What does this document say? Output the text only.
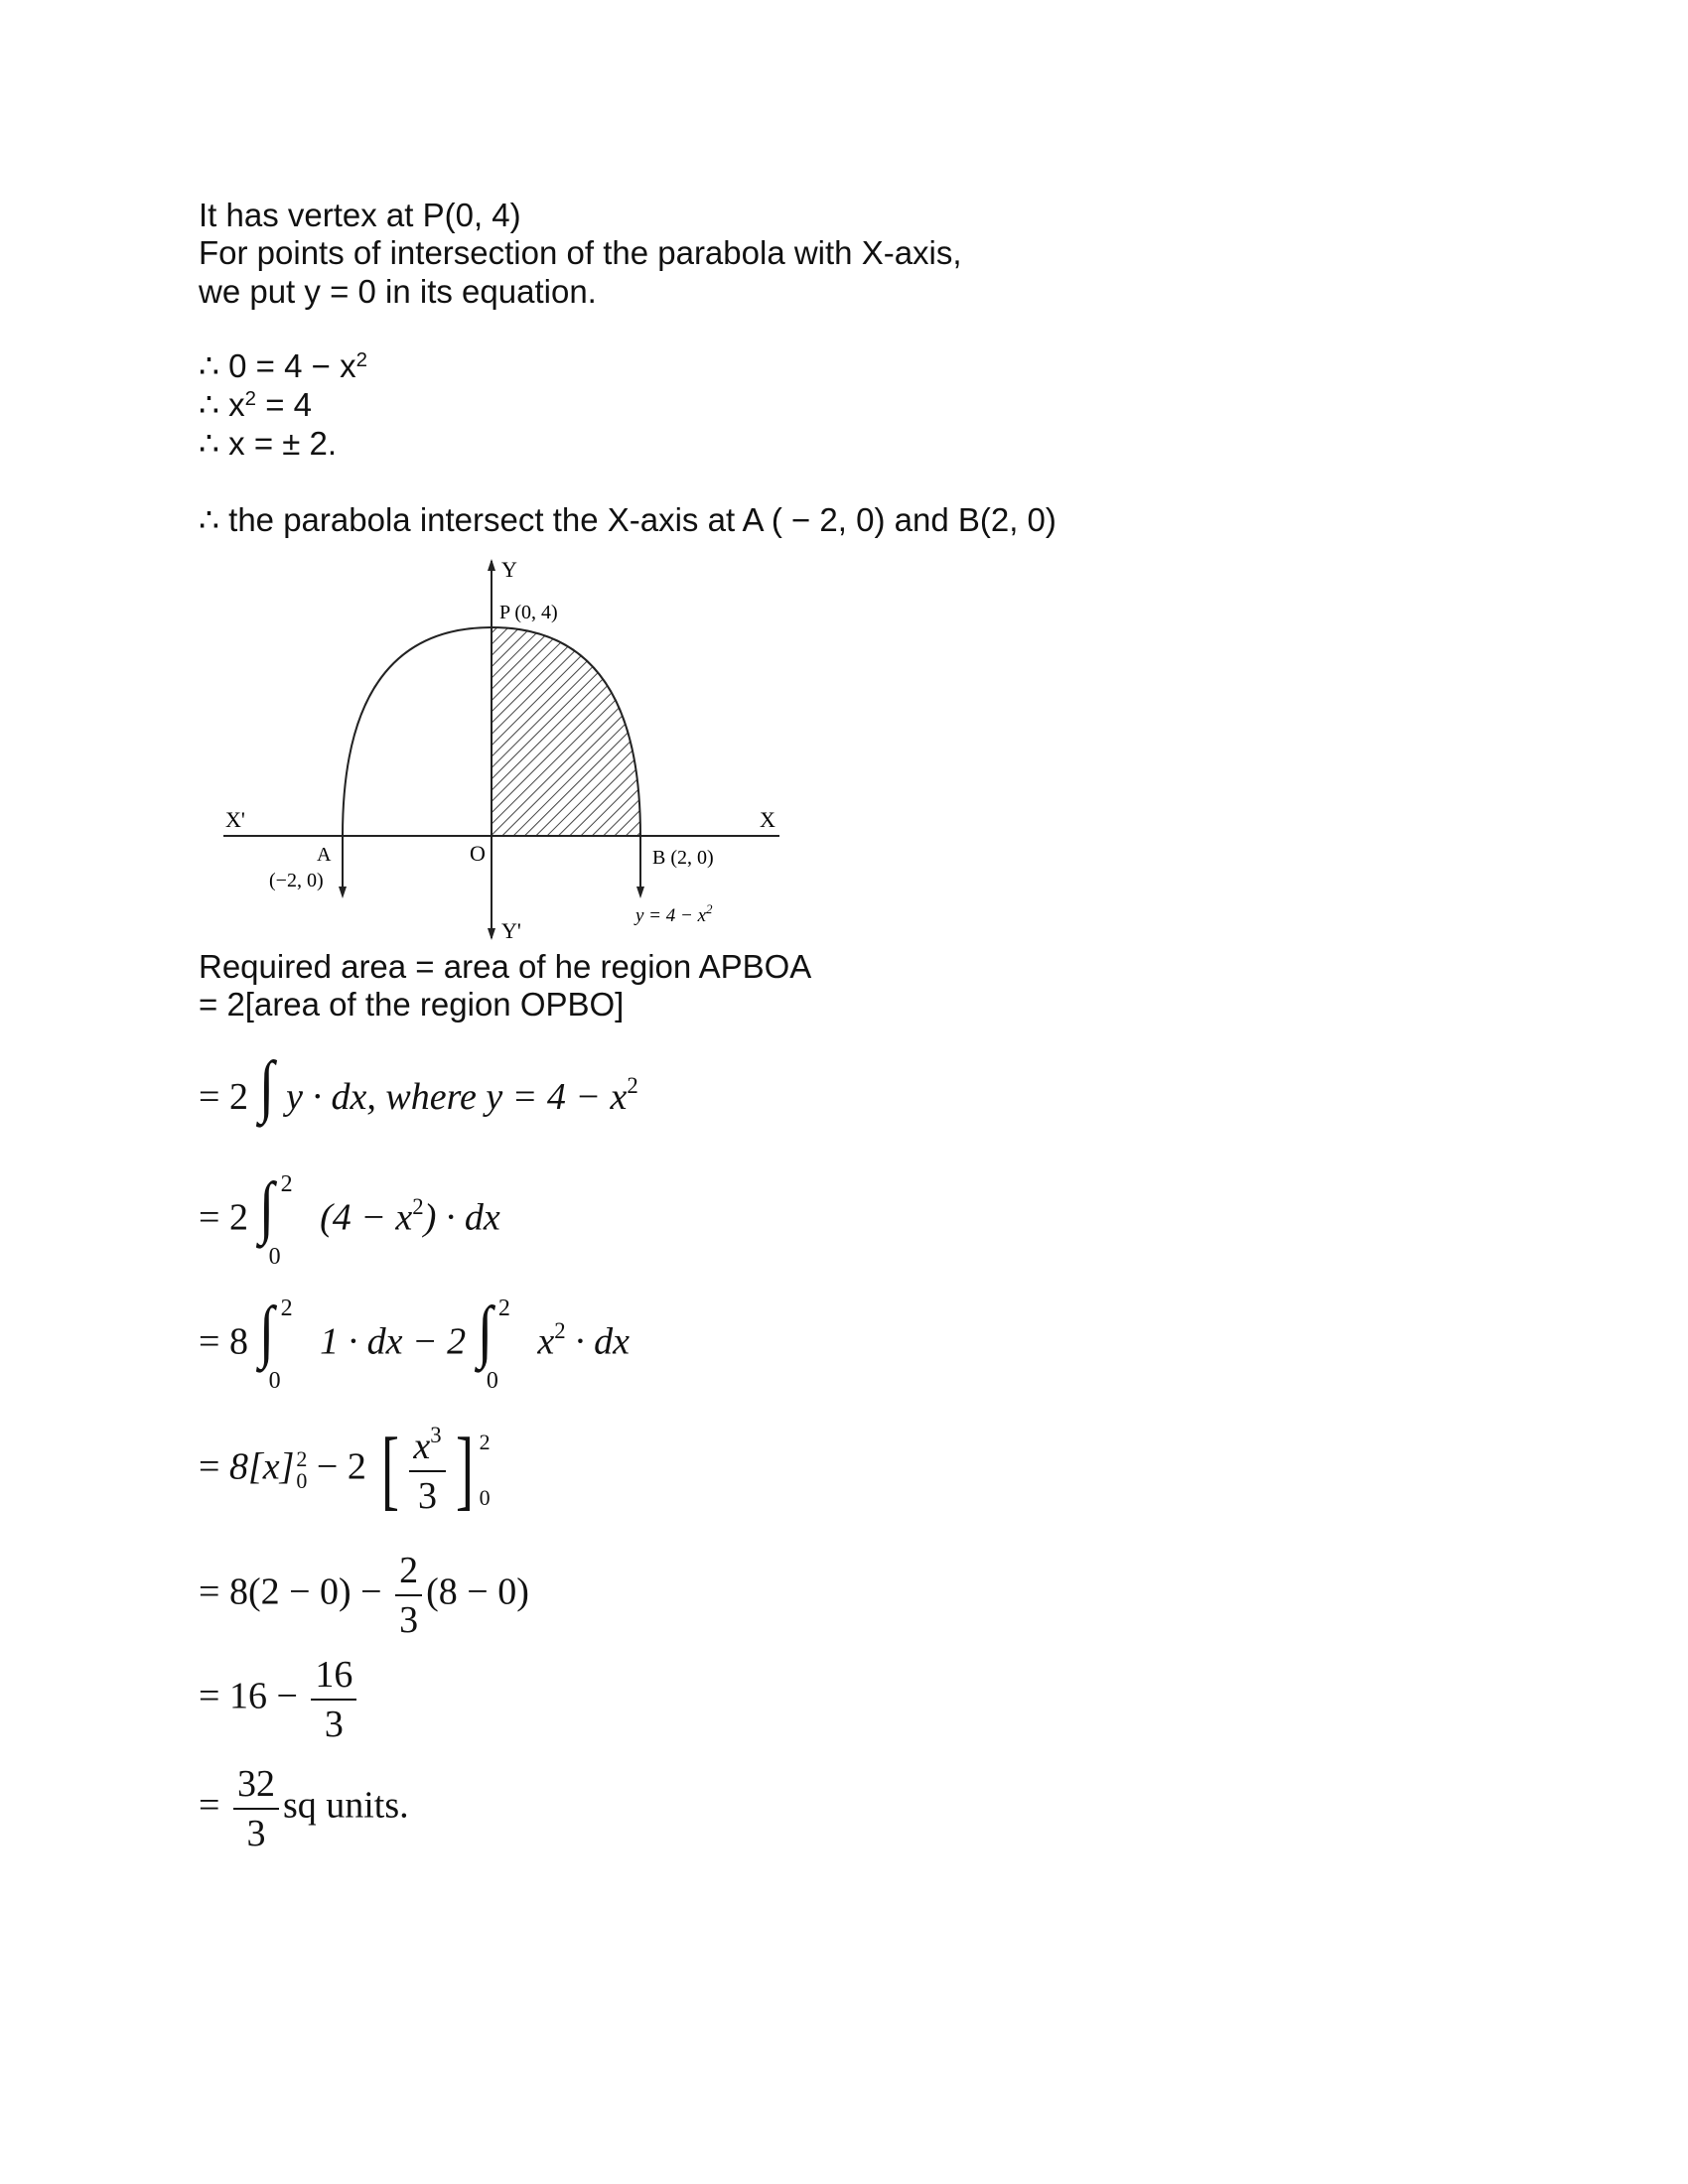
It has vertex at P(0, 4)
For points of intersection of the parabola with X-axis,
we put y = 0 in its equation.
∴ $0 = 4 - x^2$
∴ $x^2 = 4$
∴ x = ± 2.
∴ the parabola intersect the X-axis at A ( − 2, 0) and B(2, 0)
Y
Y'
X
X'
O
P (0, 4)
A
(−2, 0)
B (2, 0)
$y = 4 - x^2$
Required area = area of he region APBOA
= 2[area of the region OPBO]
= 2 ∫ y · dx, where $y = 4 - x^2$
= 2 ∫ 2
0
$(4 - x^2)$ · dx
= 8 ∫ 2
0
1 · dx − 2 ∫ 2
0
$x^2$ · dx
= 8[x] 2
0 − 2 [ $\frac{x^3}{3}$ ] 2
0
= $8(2 - 0) - \frac{2}{3} (8 - 0)$
= $16 - \frac{16}{3}$
= $\frac{32}{3}$ sq units.
